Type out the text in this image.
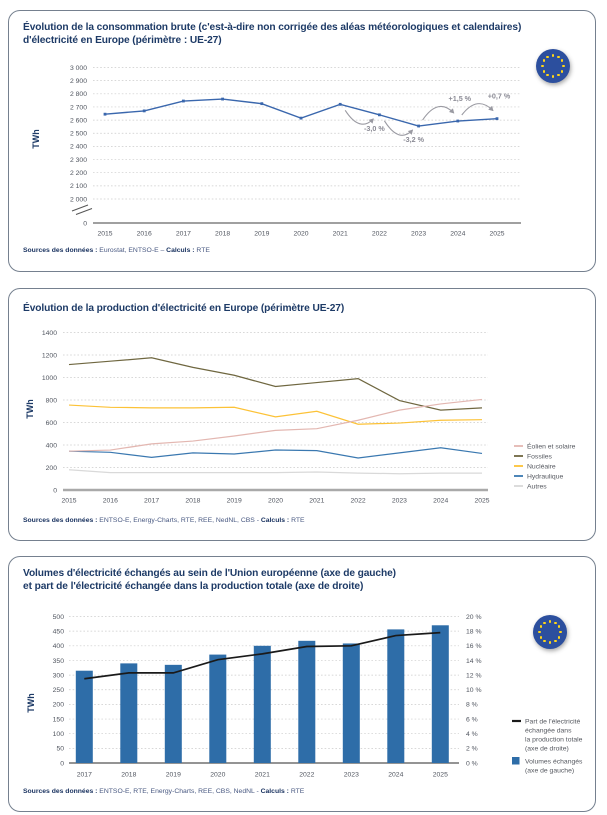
Évolution de la consommation brute (c'est-à-dire non corrigée des aléas météorologiques et calendaires)
d'électricité en Europe (périmètre : UE-27)
3 000
2 900
2 800
2 700
2 600
2 500
2 400
2 300
2 200
2 100
2 000
0
2015	2016	2017	2018	2019	2020	2021	2022	2023	2024	2025
TWh
-3,0 %
-3,2 %
+1,5 % +0,7 %
Sources des données : Eurostat, ENTSO-E – Calculs : RTE
Évolution de la production d'électricité en Europe (périmètre UE-27)
0
200
400
600
800
1000
1200
1400
2015	2016	2017	2018	2019	2020	2021	2022	2023	2024	2025
TWh
Éolien et solaire
Fossiles
Nucléaire
Hydraulique
Autres
Sources des données : ENTSO-E, Energy-Charts, RTE, REE, NedNL, CBS - Calculs : RTE
Volumes d'électricité échangés au sein de l'Union européenne (axe de gauche)
et part de l'électricité échangée dans la production totale (axe de droite)
0
50
100
150
200
250
300
350
400
450
500
0 %
2 %
4 %
6 %
8 %
10 %
12 %
14 %
16 %
18 %
20 %
2017	2018	2019	2020	2021	2022	2023	2024	2025
TWh
Part de l'électricité
échangée dans
la production totale
(axe de droite)
Volumes échangés
(axe de gauche)
Sources des données : ENTSO-E, RTE, Energy-Charts, REE, CBS, NedNL - Calculs : RTE
